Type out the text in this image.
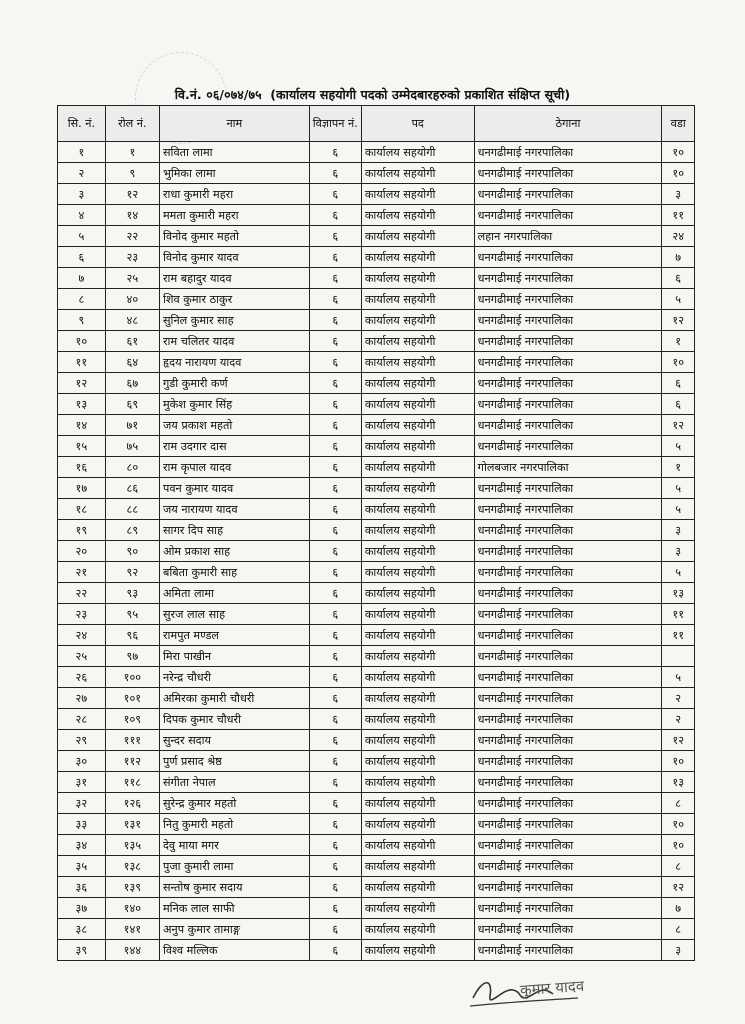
वि.नं. ०६/०७४/७५ (कार्यालय सहयोगी पदको उम्मेदबारहरुको प्रकाशित संक्षिप्त सूची)
सि. नं.	रोल नं.	नाम	विज्ञापन नं.	पद	ठेगाना	वडा
१	१	सविता लामा	६	कार्यालय सहयोगी	धनगढीमाई नगरपालिका	१०
२	९	भुमिका लामा	६	कार्यालय सहयोगी	धनगढीमाई नगरपालिका	१०
३	१२	राधा कुमारी महरा	६	कार्यालय सहयोगी	धनगढीमाई नगरपालिका	३
४	१४	ममता कुमारी महरा	६	कार्यालय सहयोगी	धनगढीमाई नगरपालिका	११
५	२२	विनोद कुमार महतो	६	कार्यालय सहयोगी	लहान नगरपालिका	२४
६	२३	विनोद कुमार यादव	६	कार्यालय सहयोगी	धनगढीमाई नगरपालिका	७
७	२५	राम बहादुर यादव	६	कार्यालय सहयोगी	धनगढीमाई नगरपालिका	६
८	४०	शिव कुमार ठाकुर	६	कार्यालय सहयोगी	धनगढीमाई नगरपालिका	५
९	४८	सुनिल कुमार साह	६	कार्यालय सहयोगी	धनगढीमाई नगरपालिका	१२
१०	६१	राम चलितर यादव	६	कार्यालय सहयोगी	धनगढीमाई नगरपालिका	१
११	६४	हृदय नारायण यादव	६	कार्यालय सहयोगी	धनगढीमाई नगरपालिका	१०
१२	६७	गुडी कुमारी कर्ण	६	कार्यालय सहयोगी	धनगढीमाई नगरपालिका	६
१३	६९	मुकेश कुमार सिंह	६	कार्यालय सहयोगी	धनगढीमाई नगरपालिका	६
१४	७१	जय प्रकाश महतो	६	कार्यालय सहयोगी	धनगढीमाई नगरपालिका	१२
१५	७५	राम उदगार दास	६	कार्यालय सहयोगी	धनगढीमाई नगरपालिका	५
१६	८०	राम कृपाल यादव	६	कार्यालय सहयोगी	गोलबजार नगरपालिका	१
१७	८६	पवन कुमार यादव	६	कार्यालय सहयोगी	धनगढीमाई नगरपालिका	५
१८	८८	जय नारायण यादव	६	कार्यालय सहयोगी	धनगढीमाई नगरपालिका	५
१९	८९	सागर दिप साह	६	कार्यालय सहयोगी	धनगढीमाई नगरपालिका	३
२०	९०	ओम प्रकाश साह	६	कार्यालय सहयोगी	धनगढीमाई नगरपालिका	३
२१	९२	बबिता कुमारी साह	६	कार्यालय सहयोगी	धनगढीमाई नगरपालिका	५
२२	९३	अमिता लामा	६	कार्यालय सहयोगी	धनगढीमाई नगरपालिका	१३
२३	९५	सुरज लाल साह	६	कार्यालय सहयोगी	धनगढीमाई नगरपालिका	११
२४	९६	रामपुत मण्डल	६	कार्यालय सहयोगी	धनगढीमाई नगरपालिका	११
२५	९७	मिरा पाखीन	६	कार्यालय सहयोगी	धनगढीमाई नगरपालिका	
२६	१००	नरेन्द्र चौधरी	६	कार्यालय सहयोगी	धनगढीमाई नगरपालिका	५
२७	१०१	अमिरका कुमारी चौधरी	६	कार्यालय सहयोगी	धनगढीमाई नगरपालिका	२
२८	१०९	दिपक कुमार चौधरी	६	कार्यालय सहयोगी	धनगढीमाई नगरपालिका	२
२९	१११	सुन्दर सदाय	६	कार्यालय सहयोगी	धनगढीमाई नगरपालिका	१२
३०	११२	पुर्ण प्रसाद श्रेष्ठ	६	कार्यालय सहयोगी	धनगढीमाई नगरपालिका	१०
३१	११८	संगीता नेपाल	६	कार्यालय सहयोगी	धनगढीमाई नगरपालिका	१३
३२	१२६	सुरेन्द्र कुमार महतो	६	कार्यालय सहयोगी	धनगढीमाई नगरपालिका	८
३३	१३१	नितु कुमारी महतो	६	कार्यालय सहयोगी	धनगढीमाई नगरपालिका	१०
३४	१३५	देवु माया मगर	६	कार्यालय सहयोगी	धनगढीमाई नगरपालिका	१०
३५	१३८	पुजा कुमारी लामा	६	कार्यालय सहयोगी	धनगढीमाई नगरपालिका	८
३६	१३९	सन्तोष कुमार सदाय	६	कार्यालय सहयोगी	धनगढीमाई नगरपालिका	१२
३७	१४०	मनिक लाल साफी	६	कार्यालय सहयोगी	धनगढीमाई नगरपालिका	७
३८	१४१	अनुप कुमार तामाङ्ग	६	कार्यालय सहयोगी	धनगढीमाई नगरपालिका	८
३९	१४४	विश्व मल्लिक	६	कार्यालय सहयोगी	धनगढीमाई नगरपालिका	३
कुमार यादव
